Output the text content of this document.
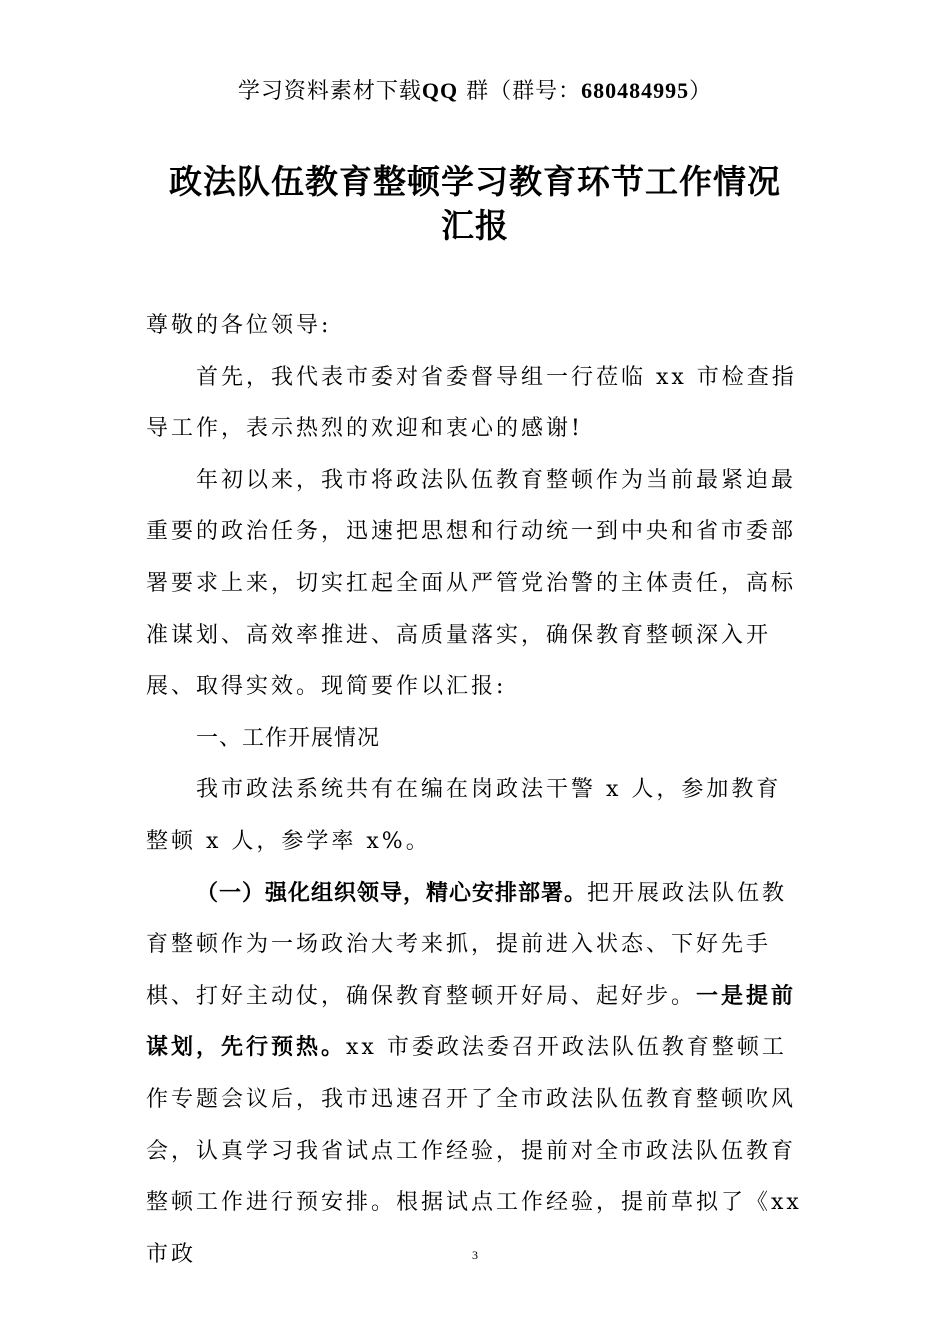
学习资料素材下载QQ 群（群号：680484995）
政法队伍教育整顿学习教育环节工作情况
汇报

尊敬的各位领导:

首先，我代表市委对省委督导组一行莅临 xx 市检查指导工作，表示热烈的欢迎和衷心的感谢!

年初以来，我市将政法队伍教育整顿作为当前最紧迫最重要的政治任务，迅速把思想和行动统一到中央和省市委部署要求上来，切实扛起全面从严管党治警的主体责任，高标准谋划、高效率推进、高质量落实，确保教育整顿深入开展、取得实效。现简要作以汇报:

一、工作开展情况

我市政法系统共有在编在岗政法干警 x 人，参加教育整顿 x 人，参学率 x%。

（一）强化组织领导，精心安排部署。把开展政法队伍教育整顿作为一场政治大考来抓，提前进入状态、下好先手棋、打好主动仗，确保教育整顿开好局、起好步。一是提前谋划，先行预热。xx 市委政法委召开政法队伍教育整顿工作专题会议后，我市迅速召开了全市政法队伍教育整顿吹风会，认真学习我省试点工作经验，提前对全市政法队伍教育整顿工作进行预安排。根据试点工作经验，提前草拟了《xx 市政	3
